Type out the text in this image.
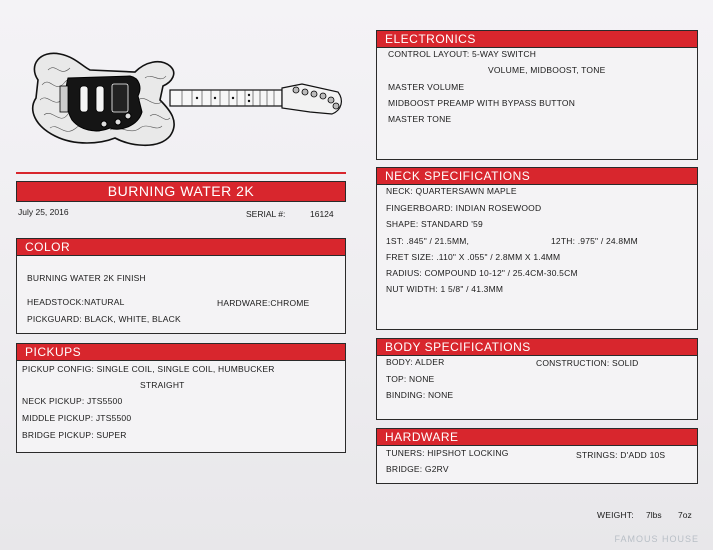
BURNING WATER 2K
July 25, 2016	SERIAL #:	16124
COLOR
BURNING WATER 2K FINISH
HEADSTOCK:NATURAL	HARDWARE:CHROME
PICKGUARD: BLACK, WHITE, BLACK
PICKUPS
PICKUP CONFIG: SINGLE COIL, SINGLE COIL, HUMBUCKER
STRAIGHT
NECK PICKUP: JTS5500
MIDDLE PICKUP: JTS5500
BRIDGE PICKUP: SUPER
ELECTRONICS
CONTROL LAYOUT: 5-WAY SWITCH
VOLUME, MIDBOOST, TONE
MASTER VOLUME
MIDBOOST PREAMP WITH BYPASS BUTTON
MASTER TONE
NECK SPECIFICATIONS
NECK: QUARTERSAWN MAPLE
FINGERBOARD: INDIAN ROSEWOOD
SHAPE: STANDARD '59
1ST: .845" / 21.5MM,	12TH: .975" / 24.8MM
FRET SIZE: .110" X .055" / 2.8MM X 1.4MM
RADIUS: COMPOUND 10-12" / 25.4CM-30.5CM
NUT WIDTH: 1 5/8" / 41.3MM
BODY SPECIFICATIONS
BODY: ALDER	CONSTRUCTION: SOLID
TOP: NONE
BINDING: NONE
HARDWARE
TUNERS: HIPSHOT LOCKING	STRINGS: D'ADD 10S
BRIDGE: G2RV
WEIGHT: 7lbs 7oz
FAMOUS HOUSE
